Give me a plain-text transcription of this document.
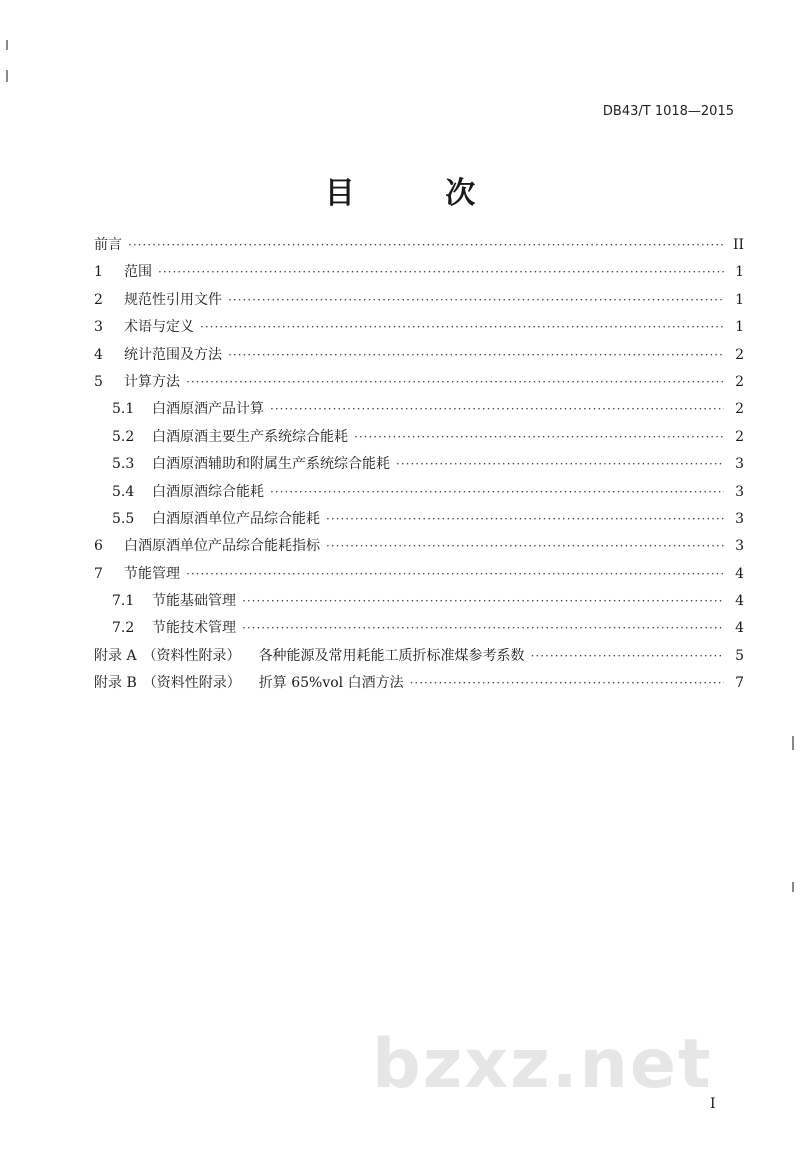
DB43/T 1018—2015
目 次
前言 ·····	II
1	范围 ·····	1
2	规范性引用文件 ·····	1
3	术语与定义 ·····	1
4	统计范围及方法 ·····	2
5	计算方法 ·····	2
5.1	白酒原酒产品计算 ·····	2
5.2	白酒原酒主要生产系统综合能耗 ·····	2
5.3	白酒原酒辅助和附属生产系统综合能耗 ·····	3
5.4	白酒原酒综合能耗 ·····	3
5.5	白酒原酒单位产品综合能耗 ·····	3
6	白酒原酒单位产品综合能耗指标 ·····	3
7	节能管理 ·····	4
7.1	节能基础管理 ·····	4
7.2	节能技术管理 ·····	4
附录 A （资料性附录） 各种能源及常用耗能工质折标准煤参考系数 ·····	5
附录 B （资料性附录） 折算 65%vol 白酒方法 ·····	7
bzxz.net
I
